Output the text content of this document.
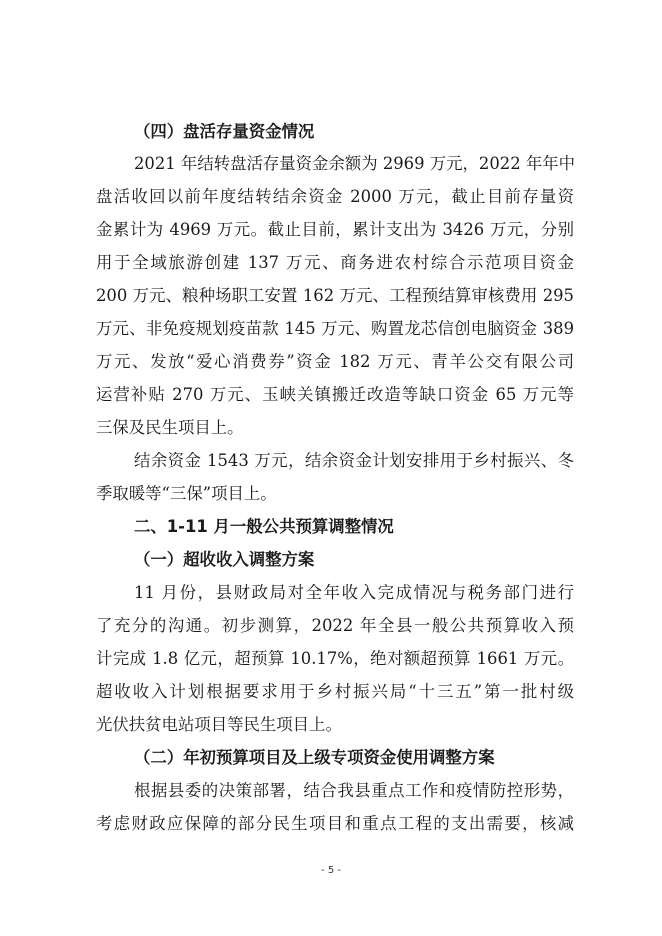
（四）盘活存量资金情况
2021 年结转盘活存量资金余额为 2969 万元，2022 年年中
盘活收回以前年度结转结余资金 2000 万元，截止目前存量资
金累计为 4969 万元。截止目前，累计支出为 3426 万元，分别
用于全域旅游创建 137 万元、商务进农村综合示范项目资金
200 万元、粮种场职工安置 162 万元、工程预结算审核费用 295
万元、非免疫规划疫苗款 145 万元、购置龙芯信创电脑资金 389
万元、发放“爱心消费券”资金 182 万元、青羊公交有限公司
运营补贴 270 万元、玉峡关镇搬迁改造等缺口资金 65 万元等
三保及民生项目上。
结余资金 1543 万元，结余资金计划安排用于乡村振兴、冬
季取暖等“三保”项目上。
二、1-11 月一般公共预算调整情况
（一）超收收入调整方案
11 月份，县财政局对全年收入完成情况与税务部门进行
了充分的沟通。初步测算，2022 年全县一般公共预算收入预
计完成 1.8 亿元，超预算 10.17%，绝对额超预算 1661 万元。
超收收入计划根据要求用于乡村振兴局“十三五”第一批村级
光伏扶贫电站项目等民生项目上。
（二）年初预算项目及上级专项资金使用调整方案
根据县委的决策部署，结合我县重点工作和疫情防控形势，
考虑财政应保障的部分民生项目和重点工程的支出需要，核减
- 5 -
